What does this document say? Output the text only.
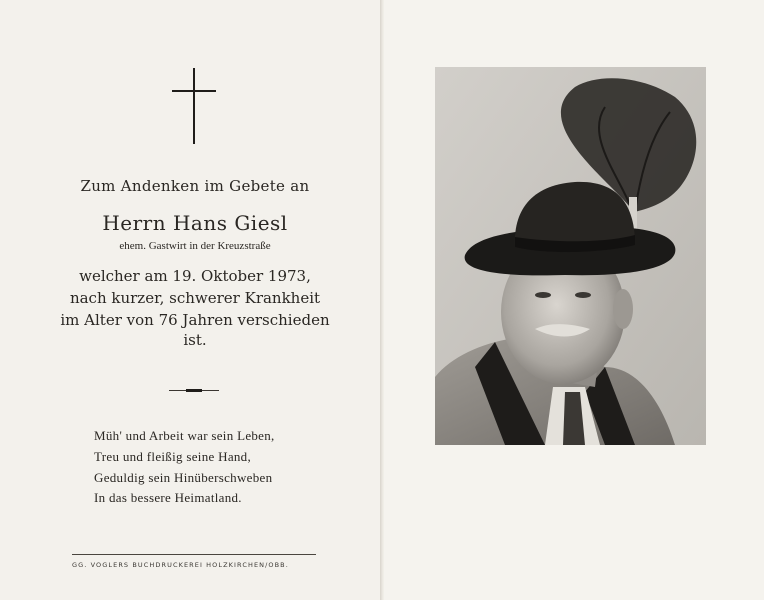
Zum Andenken im Gebete an
Herrn Hans Giesl
ehem. Gastwirt in der Kreuzstraße
welcher am 19. Oktober 1973,
nach kurzer, schwerer Krankheit
im Alter von 76 Jahren verschieden
ist.
Müh' und Arbeit war sein Leben,
Treu und fleißig seine Hand,
Geduldig sein Hinüberschweben
In das bessere Heimatland.
GG. VOGLERS BUCHDRUCKEREI HOLZKIRCHEN/OBB.
